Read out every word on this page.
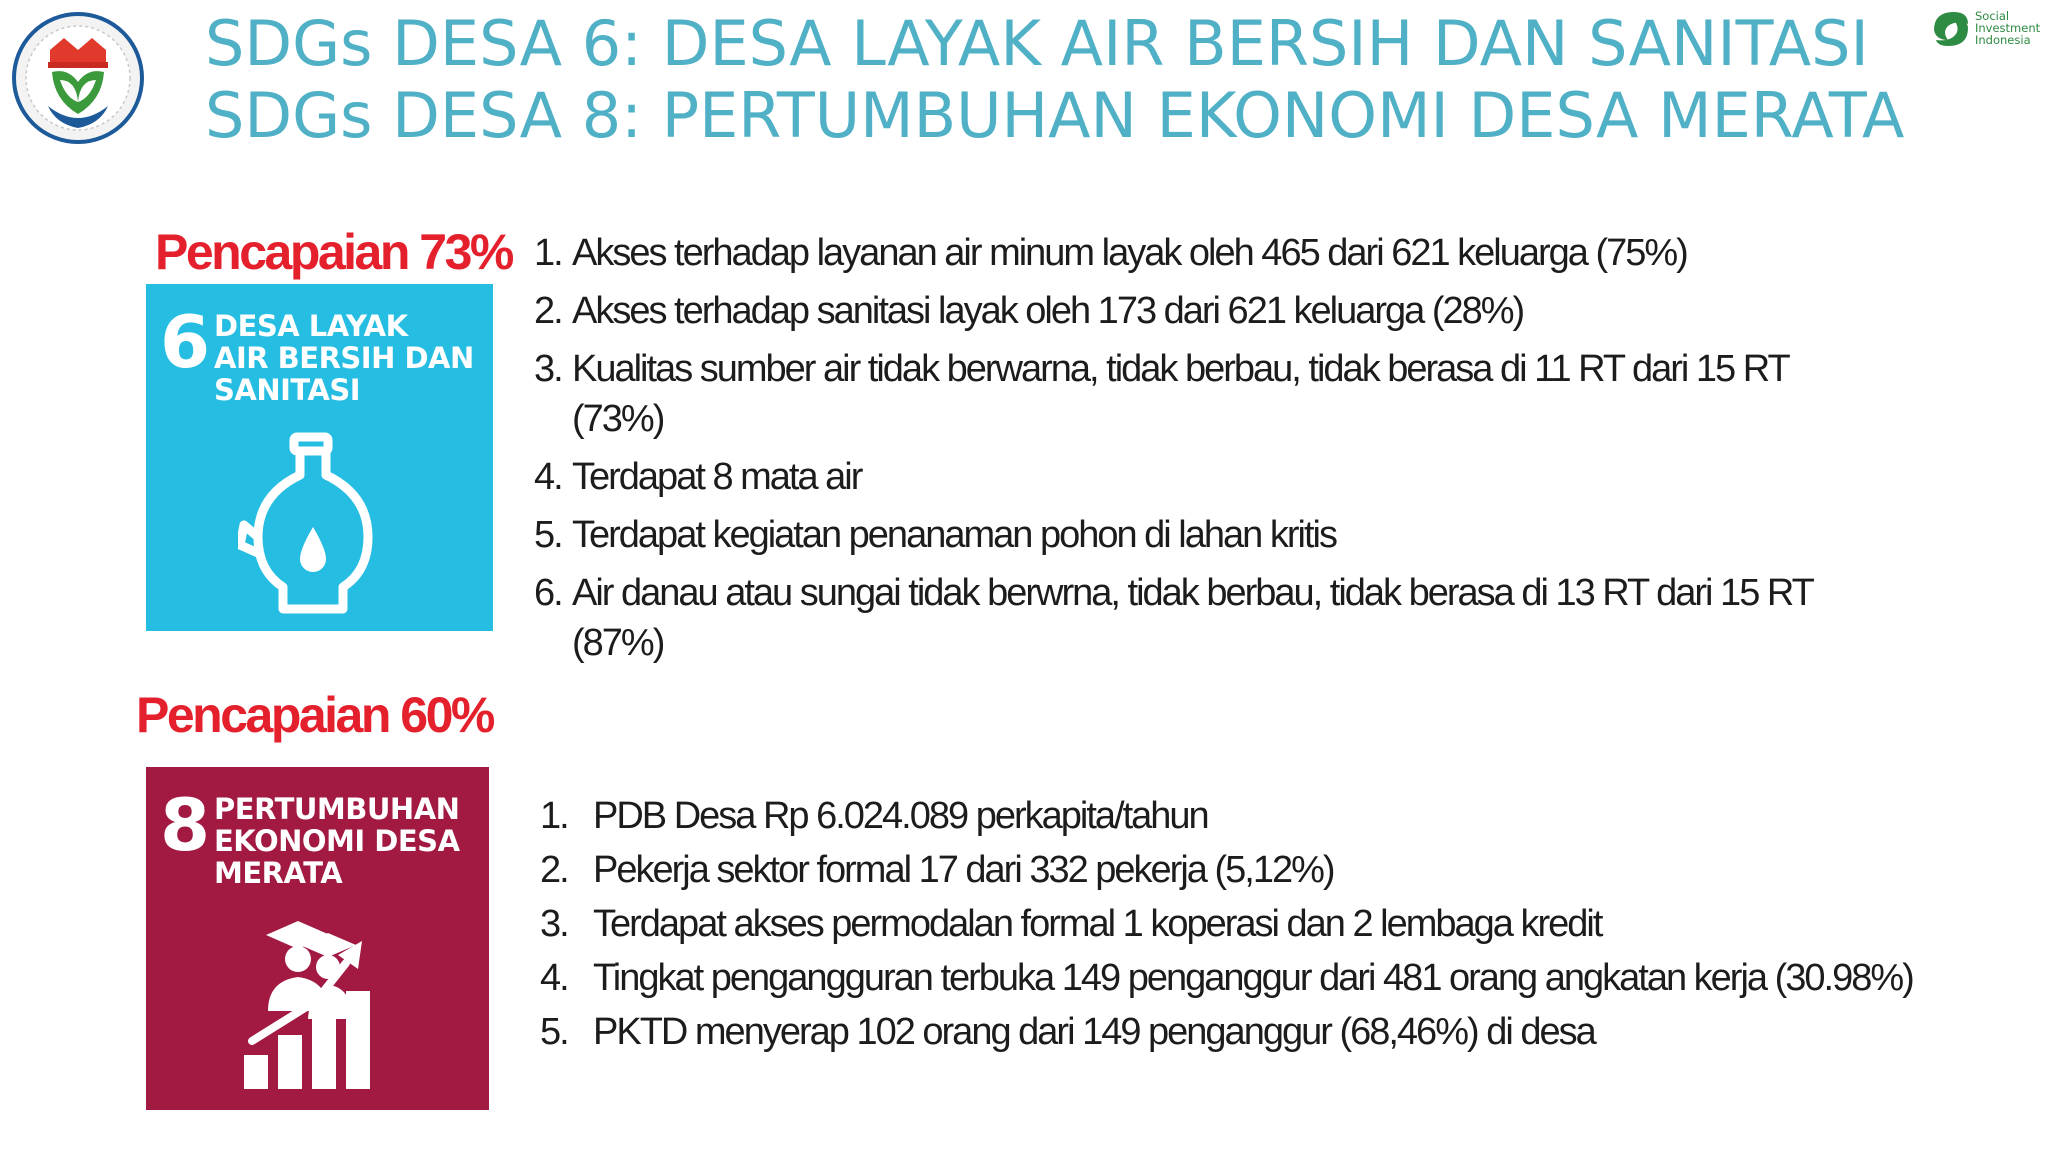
Social
Investment
Indonesia
SDGs DESA 6: DESA LAYAK AIR BERSIH DAN SANITASI
SDGs DESA 8: PERTUMBUHAN EKONOMI DESA MERATA
Pencapaian 73%
6 DESA LAYAK
AIR BERSIH DAN
SANITASI
1. Akses terhadap layanan air minum layak oleh 465 dari 621 keluarga (75%)
2. Akses terhadap sanitasi layak oleh 173 dari 621 keluarga (28%)
3. Kualitas sumber air tidak berwarna, tidak berbau, tidak berasa di 11 RT dari 15 RT
(73%)
4. Terdapat 8 mata air
5. Terdapat kegiatan penanaman pohon di lahan kritis
6. Air danau atau sungai tidak berwrna, tidak berbau, tidak berasa di 13 RT dari 15 RT
(87%)
Pencapaian 60%
8 PERTUMBUHAN
EKONOMI DESA
MERATA
1. PDB Desa Rp 6.024.089 perkapita/tahun
2. Pekerja sektor formal 17 dari 332 pekerja (5,12%)
3. Terdapat akses permodalan formal 1 koperasi dan 2 lembaga kredit
4. Tingkat pengangguran terbuka 149 penganggur dari 481 orang angkatan kerja (30.98%)
5. PKTD menyerap 102 orang dari 149 penganggur (68,46%) di desa
